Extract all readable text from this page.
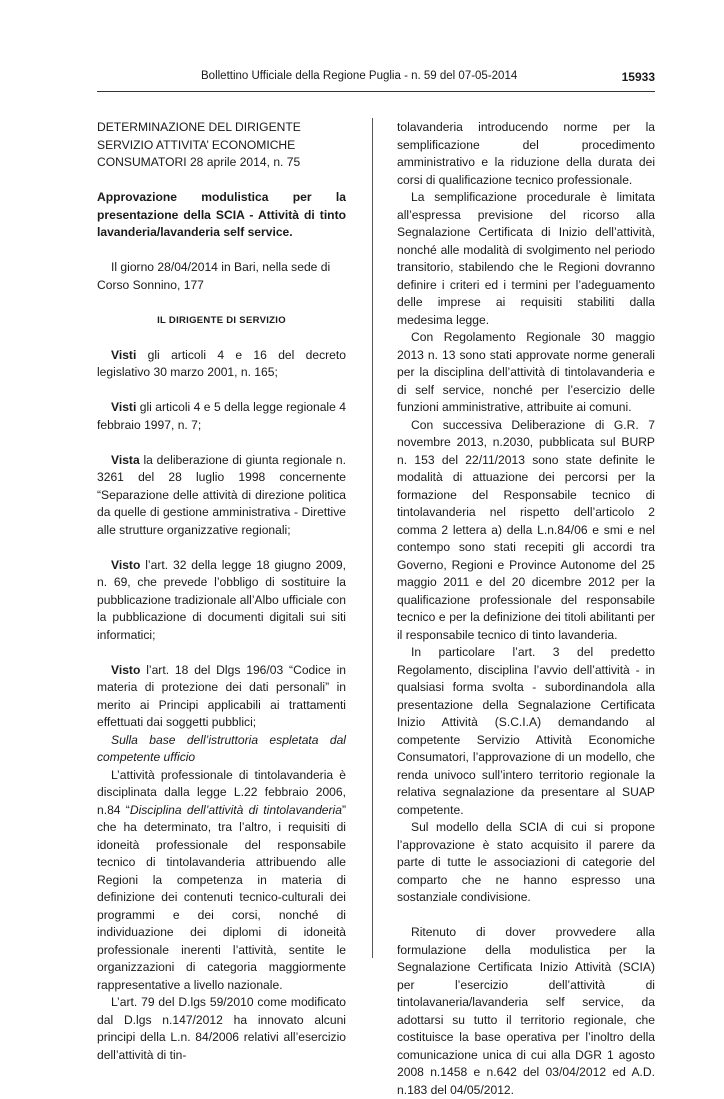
Bollettino Ufficiale della Regione Puglia - n. 59 del 07-05-2014	15933

DETERMINAZIONE DEL DIRIGENTE SERVIZIO ATTIVITA’ ECONOMICHE CONSUMATORI 28 aprile 2014, n. 75

Approvazione modulistica per la presentazione della SCIA - Attività di tinto lavanderia/lavanderia self service.

Il giorno 28/04/2014 in Bari, nella sede di Corso Sonnino, 177

IL DIRIGENTE DI SERVIZIO

Visti gli articoli 4 e 16 del decreto legislativo 30 marzo 2001, n. 165;

Visti gli articoli 4 e 5 della legge regionale 4 febbraio 1997, n. 7;

Vista la deliberazione di giunta regionale n. 3261 del 28 luglio 1998 concernente “Separazione delle attività di direzione politica da quelle di gestione amministrativa - Direttive alle strutture organizzative regionali;

Visto l’art. 32 della legge 18 giugno 2009, n. 69, che prevede l’obbligo di sostituire la pubblicazione tradizionale all’Albo ufficiale con la pubblicazione di documenti digitali sui siti informatici;

Visto l’art. 18 del Dlgs 196/03 “Codice in materia di protezione dei dati personali” in merito ai Principi applicabili ai trattamenti effettuati dai soggetti pubblici;

Sulla base dell’istruttoria espletata dal competente ufficio

L’attività professionale di tintolavanderia è disciplinata dalla legge L.22 febbraio 2006, n.84 “Disciplina dell’attività di tintolavanderia” che ha determinato, tra l’altro, i requisiti di idoneità professionale del responsabile tecnico di tintolavanderia attribuendo alle Regioni la competenza in materia di definizione dei contenuti tecnico-culturali dei programmi e dei corsi, nonché di individuazione dei diplomi di idoneità professionale inerenti l’attività, sentite le organizzazioni di categoria maggiormente rappresentative a livello nazionale.

L’art. 79 del D.lgs 59/2010 come modificato dal D.lgs n.147/2012 ha innovato alcuni principi della L.n. 84/2006 relativi all’esercizio dell’attività di tin-

tolavanderia introducendo norme per la semplificazione del procedimento amministrativo e la riduzione della durata dei corsi di qualificazione tecnico professionale.

La semplificazione procedurale è limitata all’espressa previsione del ricorso alla Segnalazione Certificata di Inizio dell’attività, nonché alle modalità di svolgimento nel periodo transitorio, stabilendo che le Regioni dovranno definire i criteri ed i termini per l’adeguamento delle imprese ai requisiti stabiliti dalla medesima legge.

Con Regolamento Regionale 30 maggio 2013 n. 13 sono stati approvate norme generali per la disciplina dell’attività di tintolavanderia e di self service, nonché per l’esercizio delle funzioni amministrative, attribuite ai comuni.

Con successiva Deliberazione di G.R. 7 novembre 2013, n.2030, pubblicata sul BURP n. 153 del 22/11/2013 sono state definite le modalità di attuazione dei percorsi per la formazione del Responsabile tecnico di tintolavanderia nel rispetto dell’articolo 2 comma 2 lettera a) della L.n.84/06 e smi e nel contempo sono stati recepiti gli accordi tra Governo, Regioni e Province Autonome del 25 maggio 2011 e del 20 dicembre 2012 per la qualificazione professionale del responsabile tecnico e per la definizione dei titoli abilitanti per il responsabile tecnico di tinto lavanderia.

In particolare l’art. 3 del predetto Regolamento, disciplina l’avvio dell’attività - in qualsiasi forma svolta - subordinandola alla presentazione della Segnalazione Certificata Inizio Attività (S.C.I.A) demandando al competente Servizio Attività Economiche Consumatori, l’approvazione di un modello, che renda univoco sull’intero territorio regionale la relativa segnalazione da presentare al SUAP competente.

Sul modello della SCIA di cui si propone l’approvazione è stato acquisito il parere da parte di tutte le associazioni di categorie del comparto che ne hanno espresso una sostanziale condivisione.

Ritenuto di dover provvedere alla formulazione della modulistica per la Segnalazione Certificata Inizio Attività (SCIA) per l’esercizio dell’attività di tintolavaneria/lavanderia self service, da adottarsi su tutto il territorio regionale, che costituisce la base operativa per l’inoltro della comunicazione unica di cui alla DGR 1 agosto 2008 n.1458 e n.642 del 03/04/2012 ed A.D. n.183 del 04/05/2012.
